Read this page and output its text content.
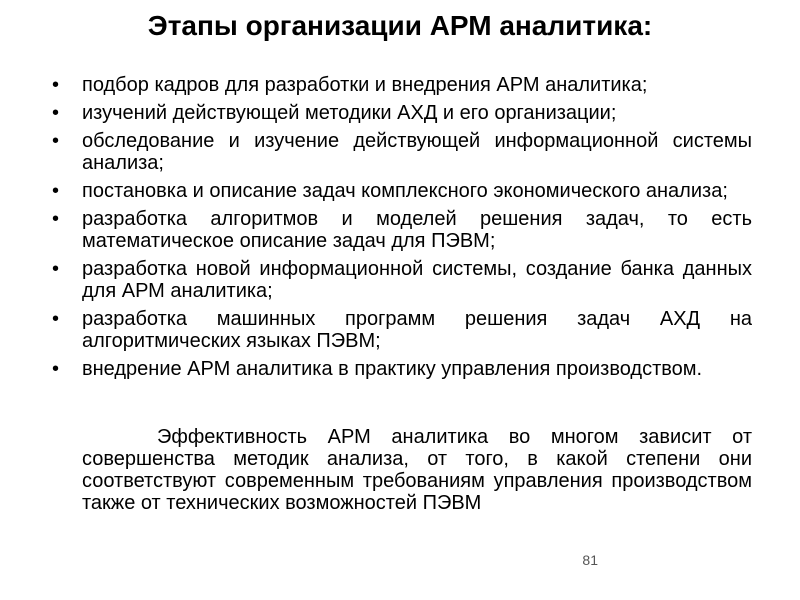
Этапы организации АРМ аналитика:
• подбор кадров для разработки и внедрения АРМ аналитика;
• изучений действующей методики АХД и его организации;
• обследование и изучение действующей информационной системы анализа;
• постановка и описание задач комплексного экономического анализа;
• разработка алгоритмов и моделей решения задач, то есть математическое описание задач для ПЭВМ;
• разработка новой информационной системы, создание банка данных для АРМ аналитика;
• разработка машинных программ решения задач АХД на алгоритмических языках ПЭВМ;
• внедрение АРМ аналитика в практику управления производством.

Эффективность АРМ аналитика во многом зависит от совершенства методик анализа, от того, в какой степени они соответствуют современным требованиям управления производством также от технических возможностей ПЭВМ

81
